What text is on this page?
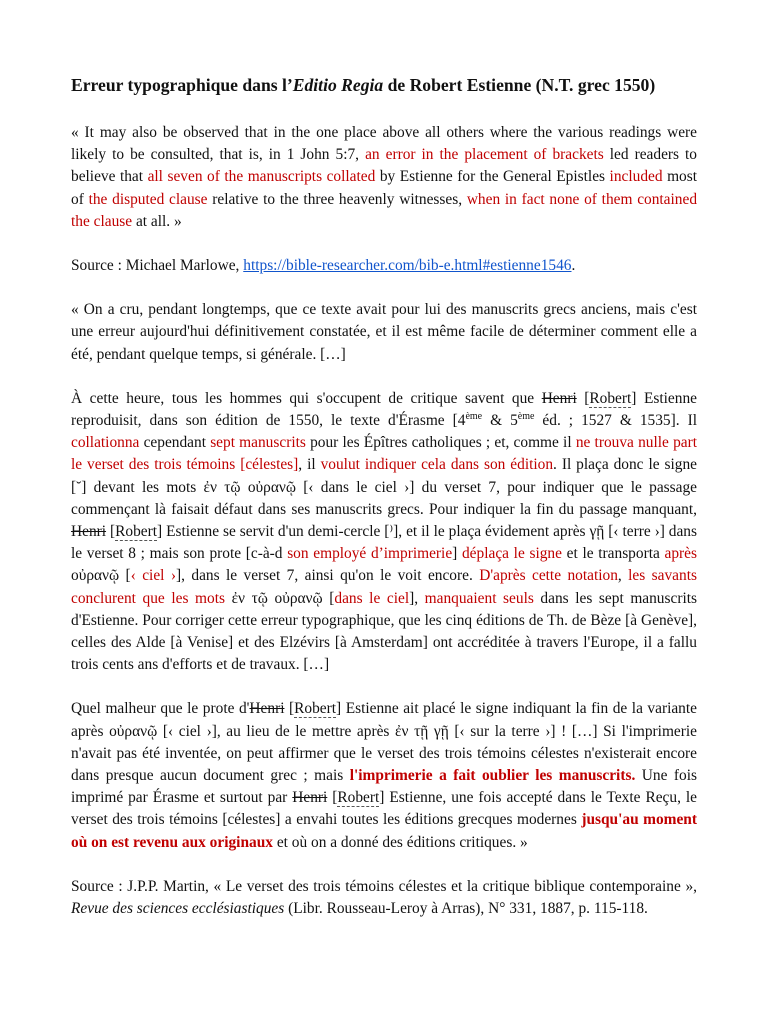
Erreur typographique dans l’Editio Regia de Robert Estienne (N.T. grec 1550)

« It may also be observed that in the one place above all others where the various readings were likely to be consulted, that is, in 1 John 5:7, an error in the placement of brackets led readers to believe that all seven of the manuscripts collated by Estienne for the General Epistles included most of the disputed clause relative to the three heavenly witnesses, when in fact none of them contained the clause at all. »

Source : Michael Marlowe, https://bible-researcher.com/bib-e.html#estienne1546.

« On a cru, pendant longtemps, que ce texte avait pour lui des manuscrits grecs anciens, mais c'est une erreur aujourd'hui définitivement constatée, et il est même facile de déterminer comment elle a été, pendant quelque temps, si générale. […]

À cette heure, tous les hommes qui s'occupent de critique savent que Henri [Robert] Estienne reproduisit, dans son édition de 1550, le texte d'Érasme [4ème & 5ème éd. ; 1527 & 1535]. Il collationna cependant sept manuscrits pour les Épîtres catholiques ; et, comme il ne trouva nulle part le verset des trois témoins [célestes], il voulut indiquer cela dans son édition. Il plaça donc le signe [˘] devant les mots ἐν τῷ οὐρανῷ [‹ dans le ciel ›] du verset 7, pour indiquer que le passage commençant là faisait défaut dans ses manuscrits grecs. Pour indiquer la fin du passage manquant, Henri [Robert] Estienne se servit d'un demi-cercle [⁾], et il le plaça évidement après γῇ [‹ terre ›] dans le verset 8 ; mais son prote [c-à-d son employé d’imprimerie] déplaça le signe et le transporta après οὐρανῷ [‹ ciel ›], dans le verset 7, ainsi qu'on le voit encore. D'après cette notation, les savants conclurent que les mots ἐν τῷ οὐρανῷ [dans le ciel], manquaient seuls dans les sept manuscrits d'Estienne. Pour corriger cette erreur typographique, que les cinq éditions de Th. de Bèze [à Genève], celles des Alde [à Venise] et des Elzévirs [à Amsterdam] ont accréditée à travers l'Europe, il a fallu trois cents ans d'efforts et de travaux. […]

Quel malheur que le prote d'Henri [Robert] Estienne ait placé le signe indiquant la fin de la variante après οὐρανῷ [‹ ciel ›], au lieu de le mettre après ἐν τῇ γῇ [‹ sur la terre ›] ! […] Si l'imprimerie n'avait pas été inventée, on peut affirmer que le verset des trois témoins célestes n'existerait encore dans presque aucun document grec ; mais l'imprimerie a fait oublier les manuscrits. Une fois imprimé par Érasme et surtout par Henri [Robert] Estienne, une fois accepté dans le Texte Reçu, le verset des trois témoins [célestes] a envahi toutes les éditions grecques modernes jusqu'au moment où on est revenu aux originaux et où on a donné des éditions critiques. »

Source : J.P.P. Martin, « Le verset des trois témoins célestes et la critique biblique contemporaine », Revue des sciences ecclésiastiques (Libr. Rousseau-Leroy à Arras), N° 331, 1887, p. 115-118.
